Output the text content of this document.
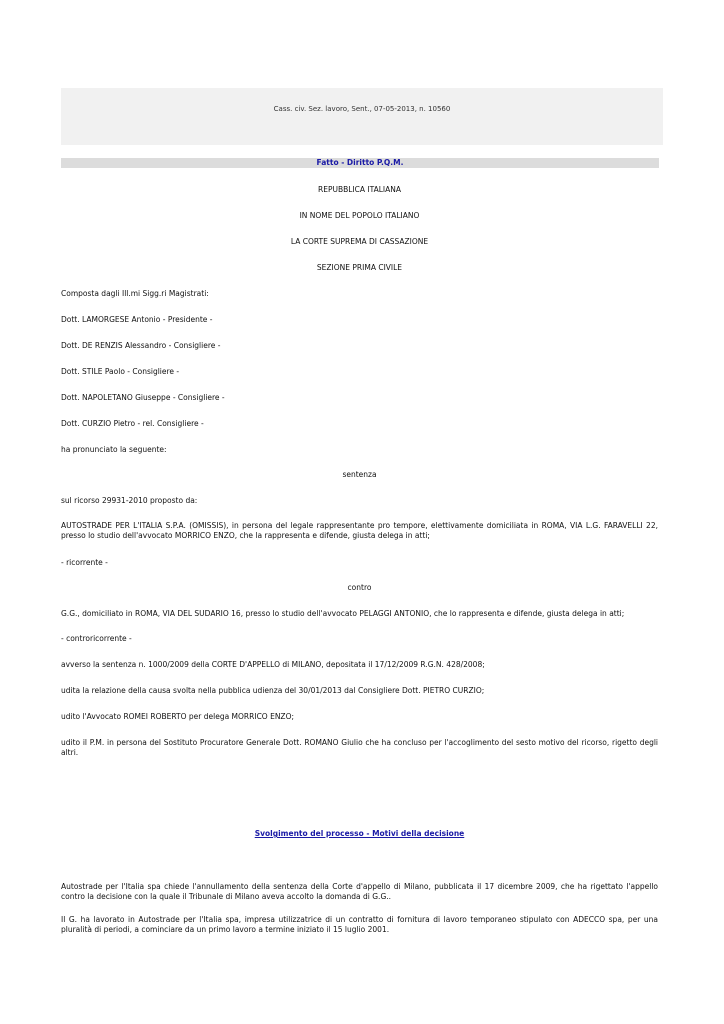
Cass. civ. Sez. lavoro, Sent., 07-05-2013, n. 10560
Fatto - Diritto P.Q.M.
REPUBBLICA ITALIANA
IN NOME DEL POPOLO ITALIANO
LA CORTE SUPREMA DI CASSAZIONE
SEZIONE PRIMA CIVILE
Composta dagli Ill.mi Sigg.ri Magistrati:
Dott. LAMORGESE Antonio - Presidente -
Dott. DE RENZIS Alessandro - Consigliere -
Dott. STILE Paolo - Consigliere -
Dott. NAPOLETANO Giuseppe - Consigliere -
Dott. CURZIO Pietro - rel. Consigliere -
ha pronunciato la seguente:
sentenza
sul ricorso 29931-2010 proposto da:
AUTOSTRADE PER L'ITALIA S.P.A. (OMISSIS), in persona del legale rappresentante pro tempore, elettivamente domiciliata in ROMA, VIA L.G. FARAVELLI 22, presso lo studio dell'avvocato MORRICO ENZO, che la rappresenta e difende, giusta delega in atti;
- ricorrente -
contro
G.G., domiciliato in ROMA, VIA DEL SUDARIO 16, presso lo studio dell'avvocato PELAGGI ANTONIO, che lo rappresenta e difende, giusta delega in atti;
- controricorrente -
avverso la sentenza n. 1000/2009 della CORTE D'APPELLO di MILANO, depositata il 17/12/2009 R.G.N. 428/2008;
udita la relazione della causa svolta nella pubblica udienza del 30/01/2013 dal Consigliere Dott. PIETRO CURZIO;
udito l'Avvocato ROMEI ROBERTO per delega MORRICO ENZO;
udito il P.M. in persona del Sostituto Procuratore Generale Dott. ROMANO Giulio che ha concluso per l'accoglimento del sesto motivo del ricorso, rigetto degli altri.
Svolgimento del processo - Motivi della decisione
Autostrade per l'Italia spa chiede l'annullamento della sentenza della Corte d'appello di Milano, pubblicata il 17 dicembre 2009, che ha rigettato l'appello contro la decisione con la quale il Tribunale di Milano aveva accolto la domanda di G.G..
Il G. ha lavorato in Autostrade per l'Italia spa, impresa utilizzatrice di un contratto di fornitura di lavoro temporaneo stipulato con ADECCO spa, per una pluralità di periodi, a cominciare da un primo lavoro a termine iniziato il 15 luglio 2001.
